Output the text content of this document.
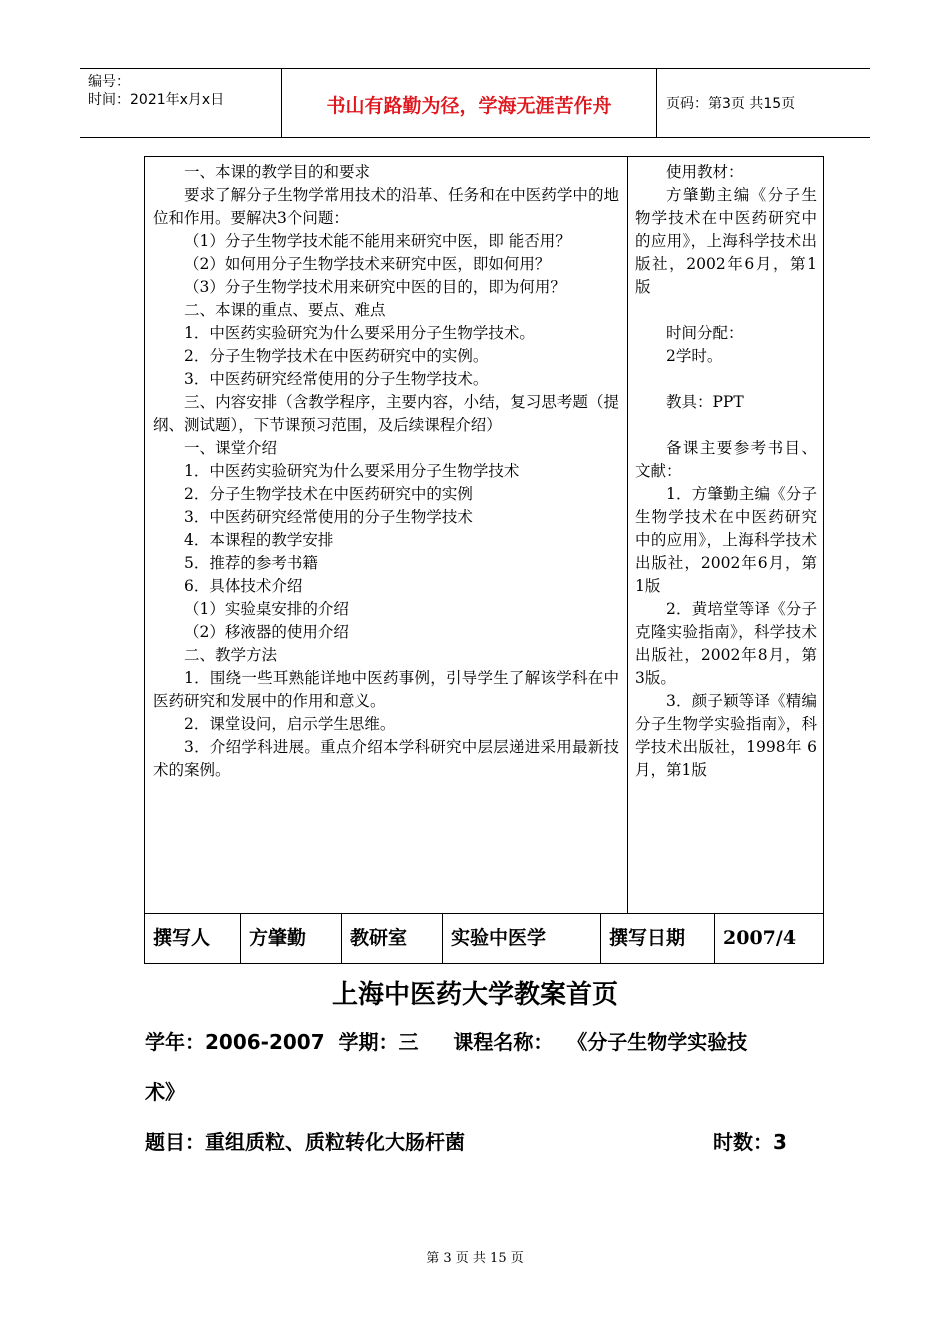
编号：
时间：2021年x月x日	书山有路勤为径，学海无涯苦作舟	页码：第3页 共15页

一、本课的教学目的和要求

要求了解分子生物学常用技术的沿革、任务和在中医药学中的地位和作用。要解决3个问题：

（1）分子生物学技术能不能用来研究中医，即 能否用？

（2）如何用分子生物学技术来研究中医，即如何用？

（3）分子生物学技术用来研究中医的目的，即为何用？

二、本课的重点、要点、难点

1．中医药实验研究为什么要采用分子生物学技术。

2．分子生物学技术在中医药研究中的实例。

3．中医药研究经常使用的分子生物学技术。

三、内容安排（含教学程序，主要内容，小结，复习思考题（提纲、测试题），下节课预习范围，及后续课程介绍）

一、课堂介绍

1．中医药实验研究为什么要采用分子生物学技术

2．分子生物学技术在中医药研究中的实例

3．中医药研究经常使用的分子生物学技术

4．本课程的教学安排

5．推荐的参考书籍

6．具体技术介绍

（1）实验桌安排的介绍

（2）移液器的使用介绍

二、教学方法

1．围绕一些耳熟能详地中医药事例，引导学生了解该学科在中医药研究和发展中的作用和意义。

2．课堂设问，启示学生思维。

3．介绍学科进展。重点介绍本学科研究中层层递进采用最新技术的案例。

使用教材：

方肇勤主编《分子生物学技术在中医药研究中的应用》，上海科学技术出版社，2002年6月，第1版

时间分配：

2学时。

教具：PPT

备课主要参考书目、文献：

1．方肇勤主编《分子生物学技术在中医药研究中的应用》，上海科学技术出版社，2002年6月，第1版

2．黄培堂等译《分子克隆实验指南》，科学技术出版社，2002年8月，第3版。

3．颜子颖等译《精编分子生物学实验指南》，科学技术出版社，1998年 6月，第1版

撰写人	方肇勤	教研室	实验中医学	撰写日期	2007/4
上海中医药大学教案首页
学年：2006-2007  学期：三     课程名称：  《分子生物学实验技
术》
题目：重组质粒、质粒转化大肠杆菌	时数：3
第 3 页 共 15 页
